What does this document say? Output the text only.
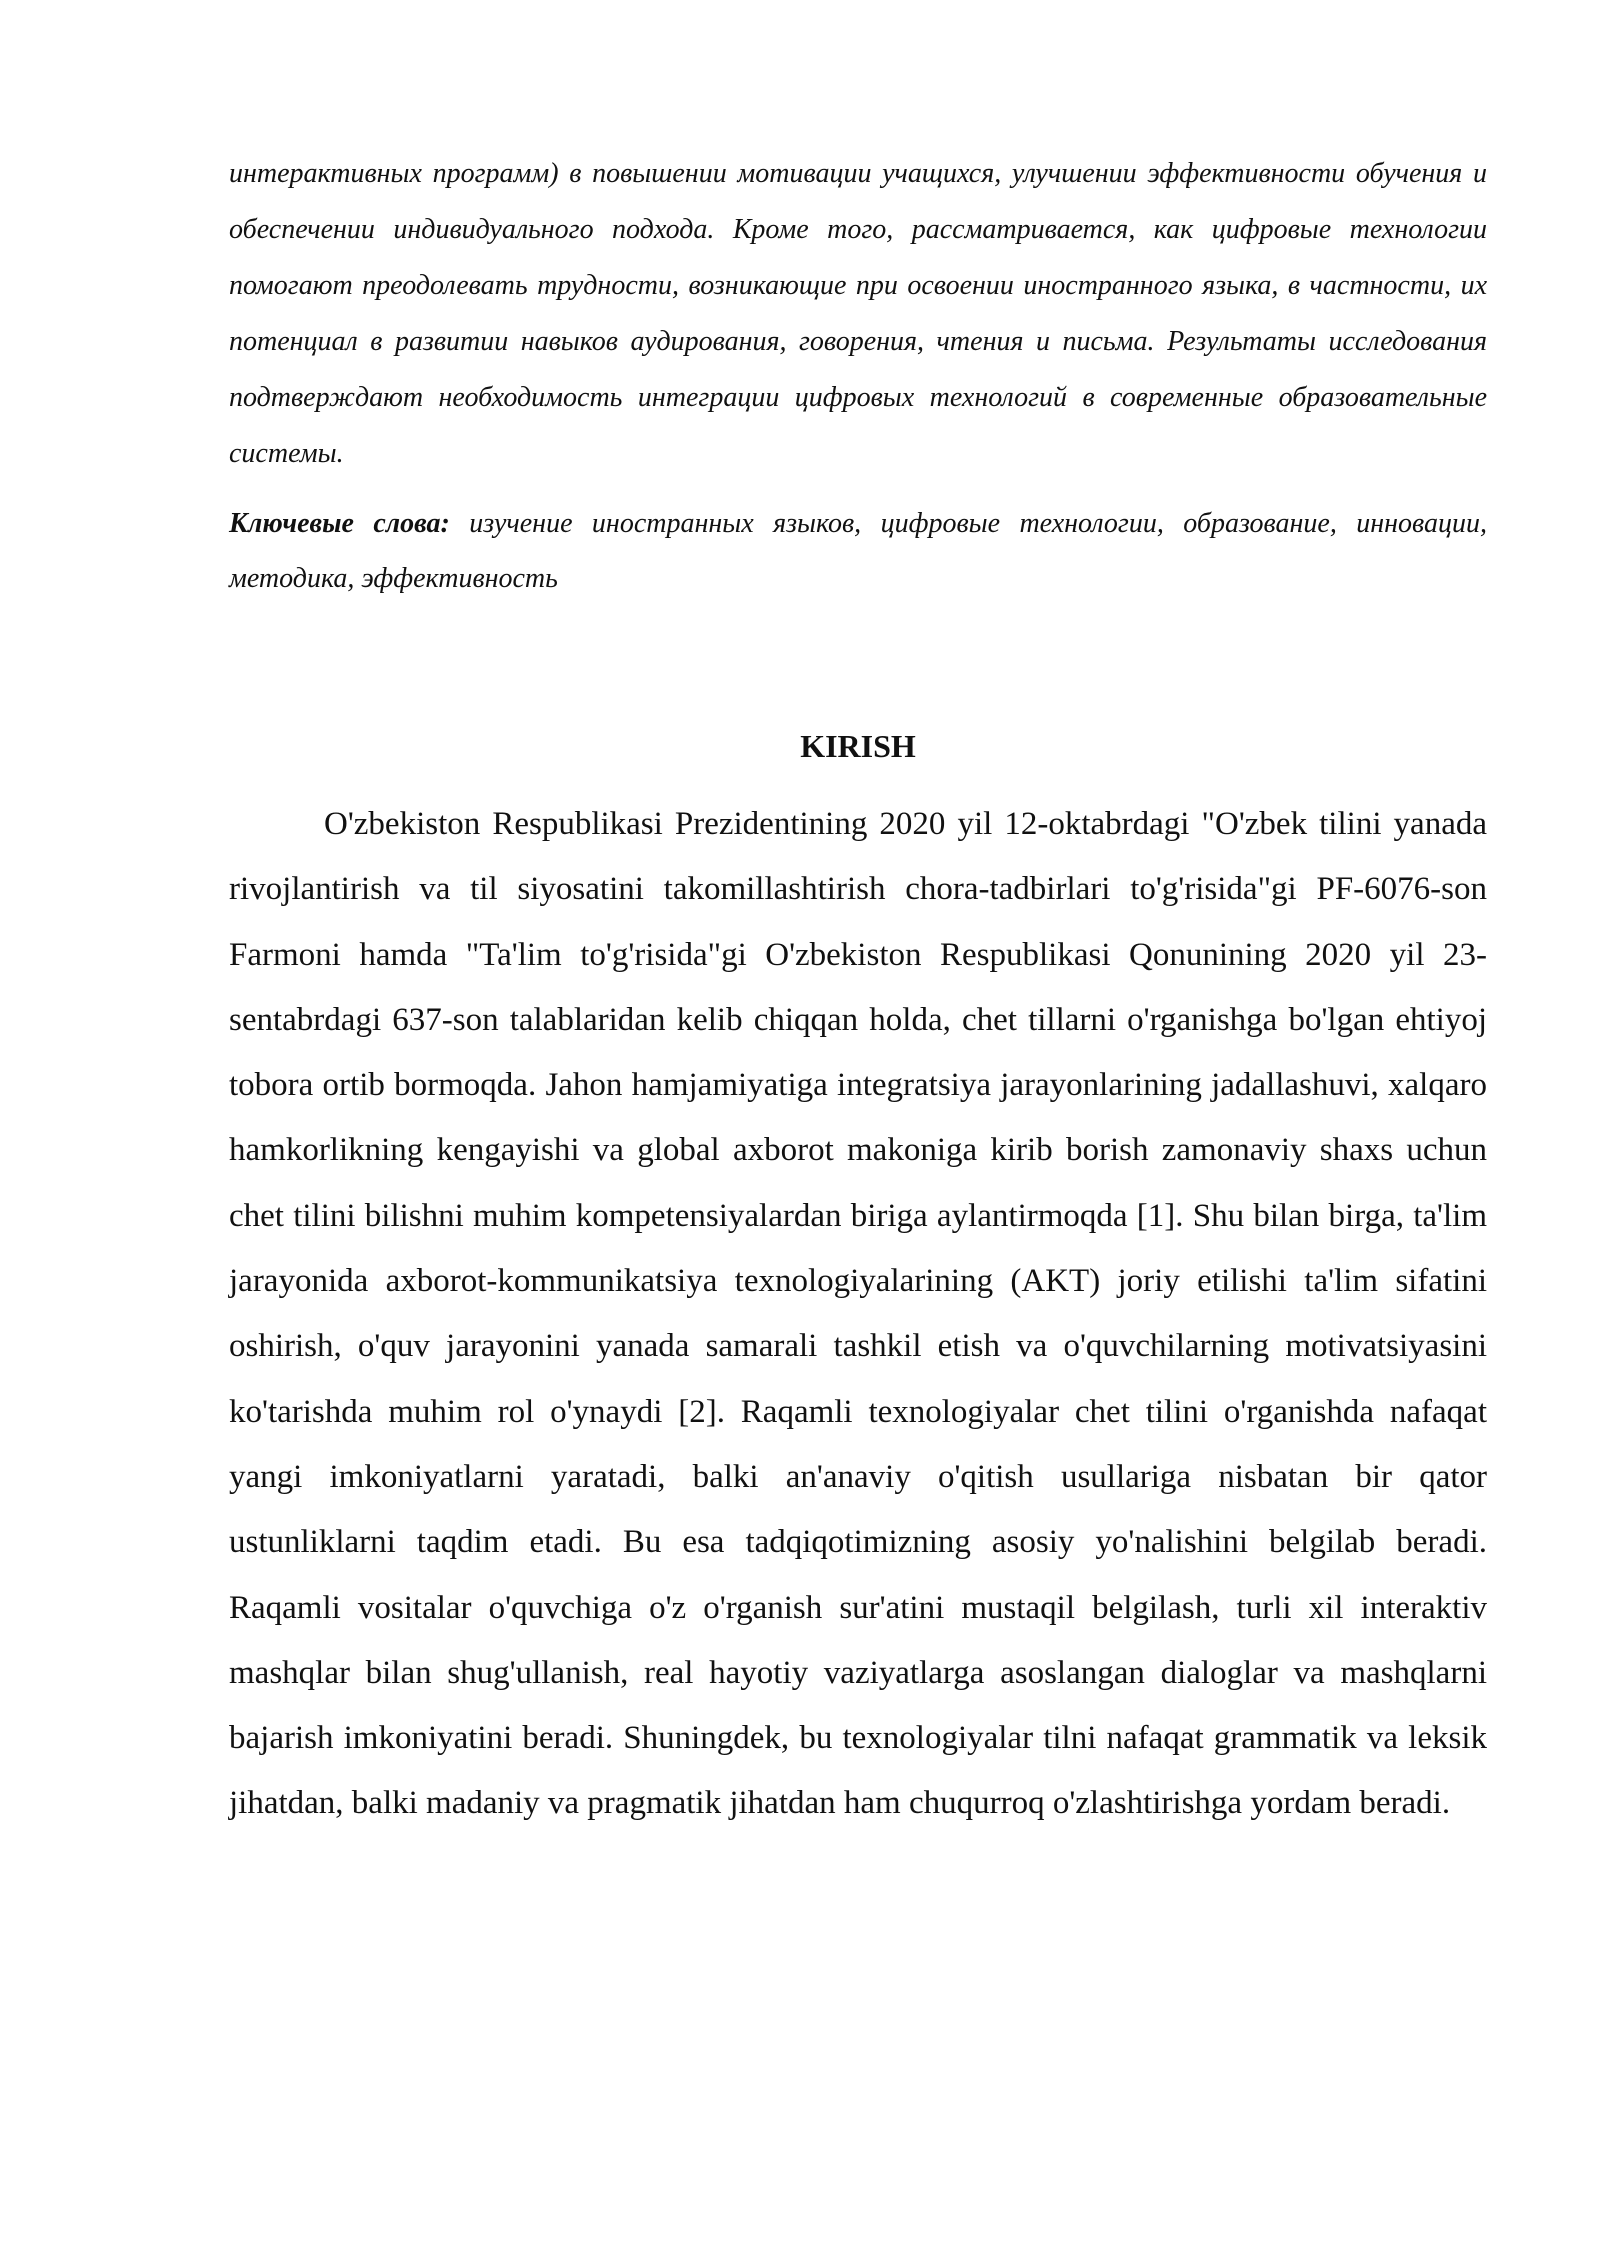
интерактивных программ) в повышении мотивации учащихся, улучшении эффективности обучения и обеспечении индивидуального подхода. Кроме того, рассматривается, как цифровые технологии помогают преодолевать трудности, возникающие при освоении иностранного языка, в частности, их потенциал в развитии навыков аудирования, говорения, чтения и письма. Результаты исследования подтверждают необходимость интеграции цифровых технологий в современные образовательные системы.

Ключевые слова: изучение иностранных языков, цифровые технологии, образование, инновации, методика, эффективность

KIRISH

O'zbekiston Respublikasi Prezidentining 2020 yil 12-oktabrdagi "O'zbek tilini yanada rivojlantirish va til siyosatini takomillashtirish chora-tadbirlari to'g'risida"gi PF-6076-son Farmoni hamda "Ta'lim to'g'risida"gi O'zbekiston Respublikasi Qonunining 2020 yil 23-sentabrdagi 637-son talablaridan kelib chiqqan holda, chet tillarni o'rganishga bo'lgan ehtiyoj tobora ortib bormoqda. Jahon hamjamiyatiga integratsiya jarayonlarining jadallashuvi, xalqaro hamkorlikning kengayishi va global axborot makoniga kirib borish zamonaviy shaxs uchun chet tilini bilishni muhim kompetensiyalardan biriga aylantirmoqda [1]. Shu bilan birga, ta'lim jarayonida axborot-kommunikatsiya texnologiyalarining (AKT) joriy etilishi ta'lim sifatini oshirish, o'quv jarayonini yanada samarali tashkil etish va o'quvchilarning motivatsiyasini ko'tarishda muhim rol o'ynaydi [2]. Raqamli texnologiyalar chet tilini o'rganishda nafaqat yangi imkoniyatlarni yaratadi, balki an'anaviy o'qitish usullariga nisbatan bir qator ustunliklarni taqdim etadi. Bu esa tadqiqotimizning asosiy yo'nalishini belgilab beradi. Raqamli vositalar o'quvchiga o'z o'rganish sur'atini mustaqil belgilash, turli xil interaktiv mashqlar bilan shug'ullanish, real hayotiy vaziyatlarga asoslangan dialoglar va mashqlarni bajarish imkoniyatini beradi. Shuningdek, bu texnologiyalar tilni nafaqat grammatik va leksik jihatdan, balki madaniy va pragmatik jihatdan ham chuqurroq o'zlashtirishga yordam beradi.
